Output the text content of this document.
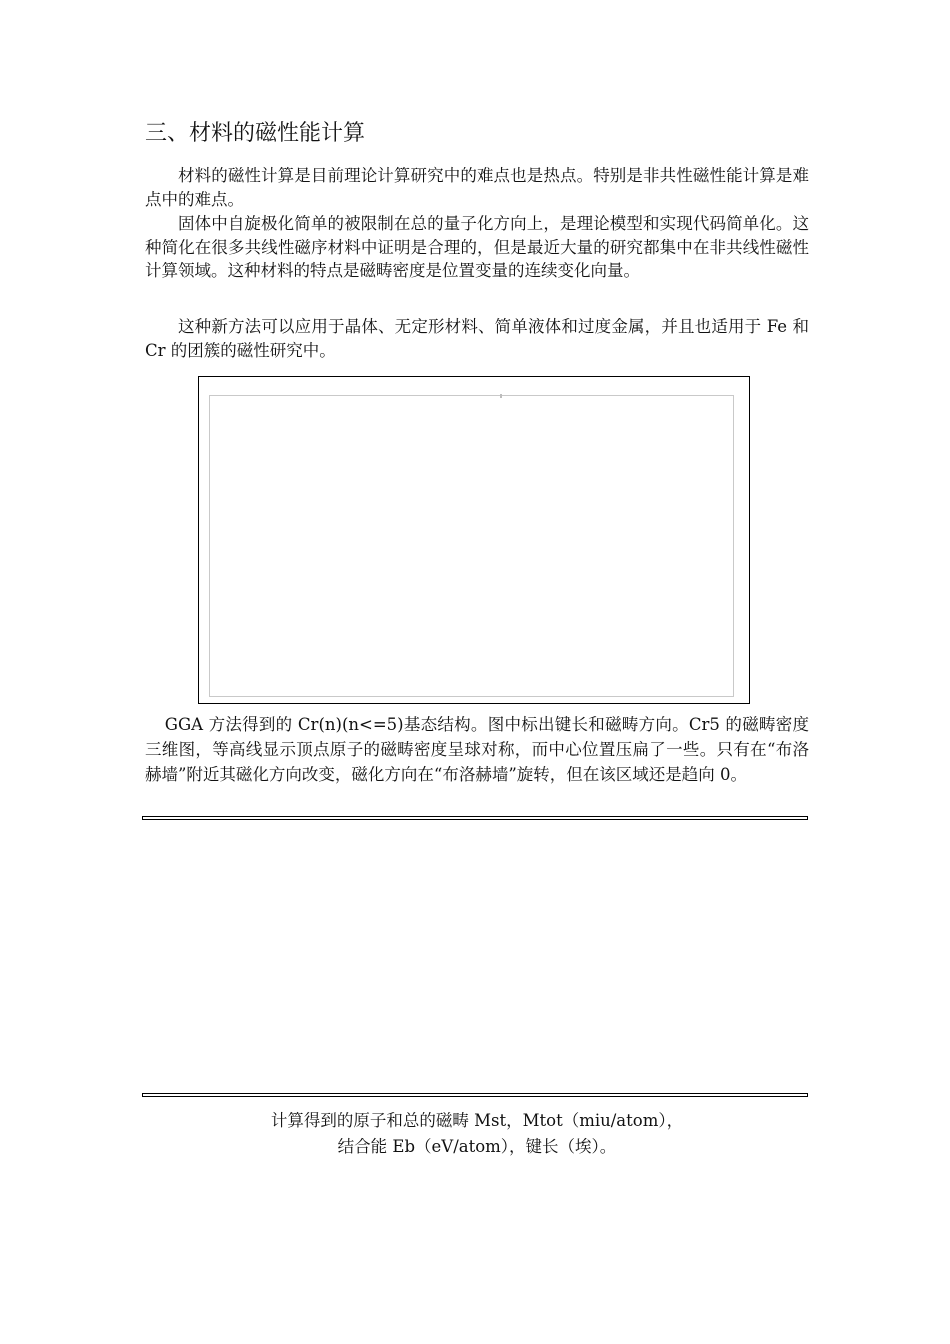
三、材料的磁性能计算

材料的磁性计算是目前理论计算研究中的难点也是热点。特别是非共性磁性能计算是难点中的难点。

固体中自旋极化简单的被限制在总的量子化方向上，是理论模型和实现代码简单化。这种简化在很多共线性磁序材料中证明是合理的，但是最近大量的研究都集中在非共线性磁性计算领域。这种材料的特点是磁畴密度是位置变量的连续变化向量。

这种新方法可以应用于晶体、无定形材料、简单液体和过度金属，并且也适用于 Fe 和 Cr 的团簇的磁性研究中。

GGA 方法得到的 Cr(n)(n<=5)基态结构。图中标出键长和磁畴方向。Cr5 的磁畴密度三维图，等高线显示顶点原子的磁畴密度呈球对称，而中心位置压扁了一些。只有在“布洛赫墙”附近其磁化方向改变，磁化方向在“布洛赫墙”旋转，但在该区域还是趋向 0。

计算得到的原子和总的磁畴 Mst，Mtot（miu/atom），
结合能 Eb（eV/atom），键长（埃）。
